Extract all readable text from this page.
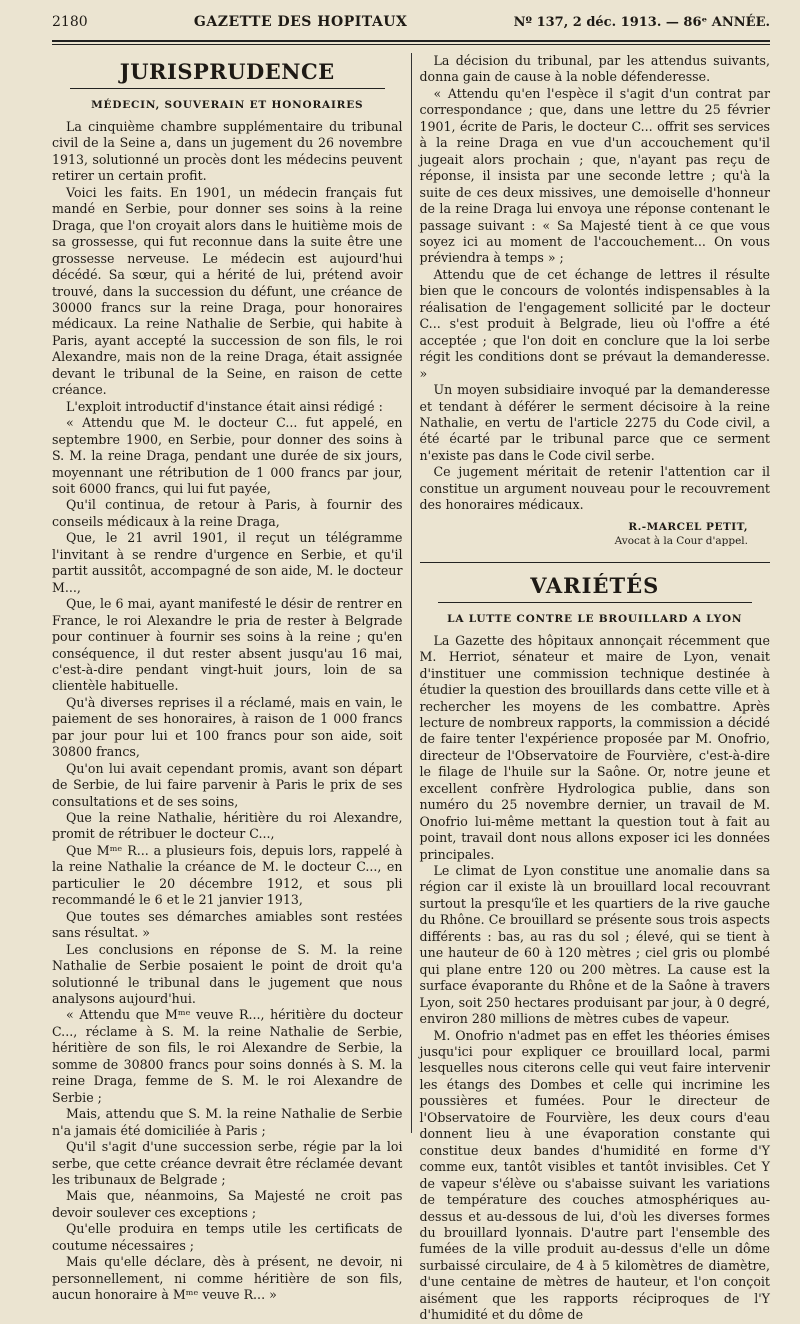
2180	GAZETTE DES HOPITAUX	Nº 137, 2 déc. 1913. — 86ᵉ ANNÉE.
JURISPRUDENCE
MÉDECIN, SOUVERAIN ET HONORAIRES

La cinquième chambre supplémentaire du tribunal civil de la Seine a, dans un jugement du 26 novembre 1913, solutionné un procès dont les médecins peuvent retirer un certain profit.

Voici les faits. En 1901, un médecin français fut mandé en Serbie, pour donner ses soins à la reine Draga, que l'on croyait alors dans le huitième mois de sa grossesse, qui fut reconnue dans la suite être une grossesse nerveuse. Le médecin est aujourd'hui décédé. Sa sœur, qui a hérité de lui, prétend avoir trouvé, dans la succession du défunt, une créance de 30000 francs sur la reine Draga, pour honoraires médicaux. La reine Nathalie de Serbie, qui habite à Paris, ayant accepté la succession de son fils, le roi Alexandre, mais non de la reine Draga, était assignée devant le tribunal de la Seine, en raison de cette créance.

L'exploit introductif d'instance était ainsi rédigé :

« Attendu que M. le docteur C... fut appelé, en septembre 1900, en Serbie, pour donner des soins à S. M. la reine Draga, pendant une durée de six jours, moyennant une rétribution de 1 000 francs par jour, soit 6000 francs, qui lui fut payée,

Qu'il continua, de retour à Paris, à fournir des conseils médicaux à la reine Draga,

Que, le 21 avril 1901, il reçut un télégramme l'invitant à se rendre d'urgence en Serbie, et qu'il partit aussitôt, accompagné de son aide, M. le docteur M...,

Que, le 6 mai, ayant manifesté le désir de rentrer en France, le roi Alexandre le pria de rester à Belgrade pour continuer à fournir ses soins à la reine ; qu'en conséquence, il dut rester absent jusqu'au 16 mai, c'est-à-dire pendant vingt-huit jours, loin de sa clientèle habituelle.

Qu'à diverses reprises il a réclamé, mais en vain, le paiement de ses honoraires, à raison de 1 000 francs par jour pour lui et 100 francs pour son aide, soit 30800 francs,

Qu'on lui avait cependant promis, avant son départ de Serbie, de lui faire parvenir à Paris le prix de ses consultations et de ses soins,

Que la reine Nathalie, héritière du roi Alexandre, promit de rétribuer le docteur C...,

Que Mᵐᵉ R... a plusieurs fois, depuis lors, rappelé à la reine Nathalie la créance de M. le docteur C..., en particulier le 20 décembre 1912, et sous pli recommandé le 6 et le 21 janvier 1913,

Que toutes ses démarches amiables sont restées sans résultat. »

Les conclusions en réponse de S. M. la reine Nathalie de Serbie posaient le point de droit qu'a solutionné le tribunal dans le jugement que nous analysons aujourd'hui.

« Attendu que Mᵐᵉ veuve R..., héritière du docteur C..., réclame à S. M. la reine Nathalie de Serbie, héritière de son fils, le roi Alexandre de Serbie, la somme de 30800 francs pour soins donnés à S. M. la reine Draga, femme de S. M. le roi Alexandre de Serbie ;

Mais, attendu que S. M. la reine Nathalie de Serbie n'a jamais été domiciliée à Paris ;

Qu'il s'agit d'une succession serbe, régie par la loi serbe, que cette créance devrait être réclamée devant les tribunaux de Belgrade ;

Mais que, néanmoins, Sa Majesté ne croit pas devoir soulever ces exceptions ;

Qu'elle produira en temps utile les certificats de coutume nécessaires ;

Mais qu'elle déclare, dès à présent, ne devoir, ni personnellement, ni comme héritière de son fils, aucun honoraire à Mᵐᵉ veuve R... »

La décision du tribunal, par les attendus suivants, donna gain de cause à la noble défenderesse.

« Attendu qu'en l'espèce il s'agit d'un contrat par correspondance ; que, dans une lettre du 25 février 1901, écrite de Paris, le docteur C... offrit ses services à la reine Draga en vue d'un accouchement qu'il jugeait alors prochain ; que, n'ayant pas reçu de réponse, il insista par une seconde lettre ; qu'à la suite de ces deux missives, une demoiselle d'honneur de la reine Draga lui envoya une réponse contenant le passage suivant : « Sa Majesté tient à ce que vous soyez ici au moment de l'accouchement... On vous préviendra à temps » ;

Attendu que de cet échange de lettres il résulte bien que le concours de volontés indispensables à la réalisation de l'engagement sollicité par le docteur C... s'est produit à Belgrade, lieu où l'offre a été acceptée ; que l'on doit en conclure que la loi serbe régit les conditions dont se prévaut la demanderesse. »

Un moyen subsidiaire invoqué par la demanderesse et tendant à déférer le serment décisoire à la reine Nathalie, en vertu de l'article 2275 du Code civil, a été écarté par le tribunal parce que ce serment n'existe pas dans le Code civil serbe.

Ce jugement méritait de retenir l'attention car il constitue un argument nouveau pour le recouvrement des honoraires médicaux.

R.-MARCEL PETIT,
Avocat à la Cour d'appel.
VARIÉTÉS
LA LUTTE CONTRE LE BROUILLARD A LYON

La Gazette des hôpitaux annonçait récemment que M. Herriot, sénateur et maire de Lyon, venait d'instituer une commission technique destinée à étudier la question des brouillards dans cette ville et à rechercher les moyens de les combattre. Après lecture de nombreux rapports, la commission a décidé de faire tenter l'expérience proposée par M. Onofrio, directeur de l'Observatoire de Fourvière, c'est-à-dire le filage de l'huile sur la Saône. Or, notre jeune et excellent confrère Hydrologica publie, dans son numéro du 25 novembre dernier, un travail de M. Onofrio lui-même mettant la question tout à fait au point, travail dont nous allons exposer ici les données principales.

Le climat de Lyon constitue une anomalie dans sa région car il existe là un brouillard local recouvrant surtout la presqu'île et les quartiers de la rive gauche du Rhône. Ce brouillard se présente sous trois aspects différents : bas, au ras du sol ; élevé, qui se tient à une hauteur de 60 à 120 mètres ; ciel gris ou plombé qui plane entre 120 ou 200 mètres. La cause est la surface évaporante du Rhône et de la Saône à travers Lyon, soit 250 hectares produisant par jour, à 0 degré, environ 280 millions de mètres cubes de vapeur.

M. Onofrio n'admet pas en effet les théories émises jusqu'ici pour expliquer ce brouillard local, parmi lesquelles nous citerons celle qui veut faire intervenir les étangs des Dombes et celle qui incrimine les poussières et fumées. Pour le directeur de l'Observatoire de Fourvière, les deux cours d'eau donnent lieu à une évaporation constante qui constitue deux bandes d'humidité en forme d'Y comme eux, tantôt visibles et tantôt invisibles. Cet Y de vapeur s'élève ou s'abaisse suivant les variations de température des couches atmosphériques au-dessus et au-dessous de lui, d'où les diverses formes du brouillard lyonnais. D'autre part l'ensemble des fumées de la ville produit au-dessus d'elle un dôme surbaissé circulaire, de 4 à 5 kilomètres de diamètre, d'une centaine de mètres de hauteur, et l'on conçoit aisément que les rapports réciproques de l'Y d'humidité et du dôme de
